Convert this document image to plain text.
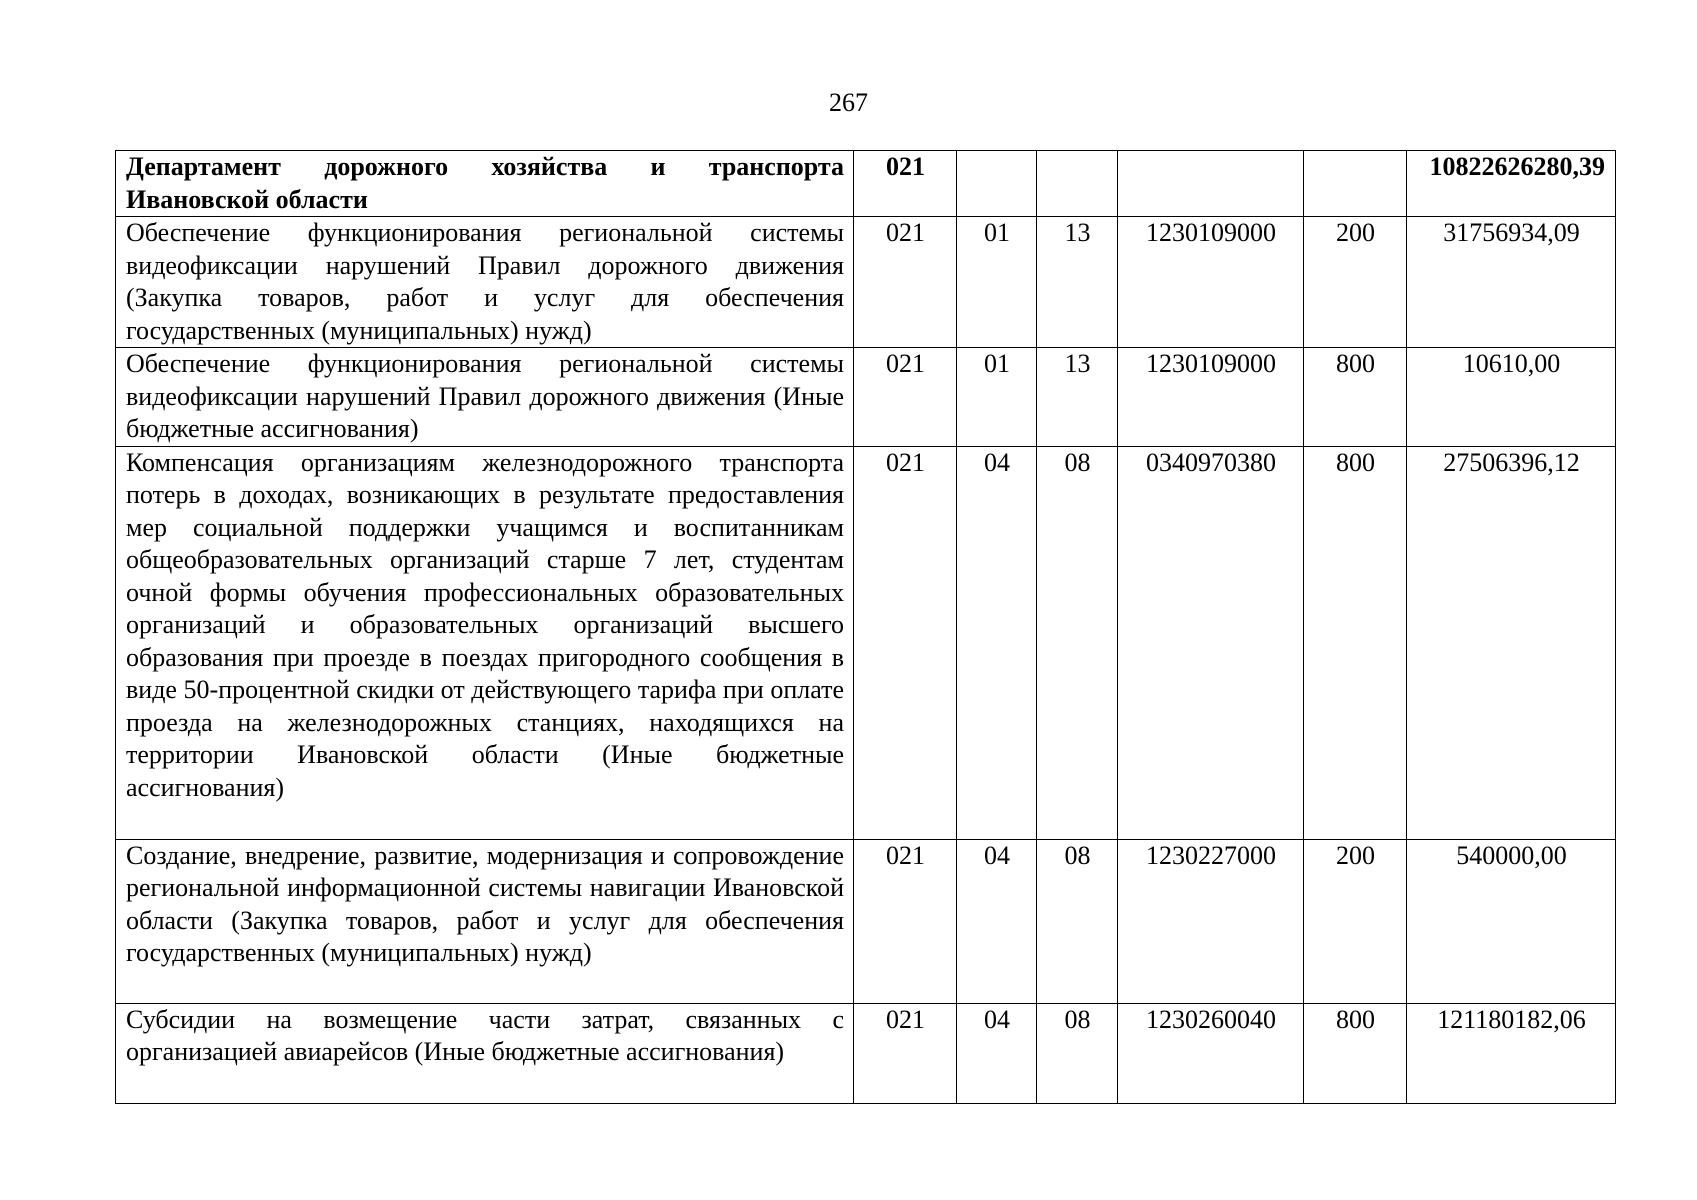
267
Департамент дорожного хозяйства и транспорта Ивановской области	021					10822626280,39
Обеспечение функционирования региональной системы видеофиксации нарушений Правил дорожного движения (Закупка товаров, работ и услуг для обеспечения государственных (муниципальных) нужд)	021	01	13	1230109000	200	31756934,09
Обеспечение функционирования региональной системы видеофиксации нарушений Правил дорожного движения (Иные бюджетные ассигнования)	021	01	13	1230109000	800	10610,00
Компенсация организациям железнодорожного транспорта потерь в доходах, возникающих в результате предоставления мер социальной поддержки учащимся и воспитанникам общеобразовательных организаций старше 7 лет, студентам очной формы обучения профессиональных образовательных организаций и образовательных организаций высшего образования при проезде в поездах пригородного сообщения в виде 50-процентной скидки от действующего тарифа при оплате проезда на железнодорожных станциях, находящихся на территории Ивановской области (Иные бюджетные ассигнования)	021	04	08	0340970380	800	27506396,12
Создание, внедрение, развитие, модернизация и сопровождение региональной информационной системы навигации Ивановской области (Закупка товаров, работ и услуг для обеспечения государственных (муниципальных) нужд)	021	04	08	1230227000	200	540000,00
Субсидии на возмещение части затрат, связанных с организацией авиарейсов (Иные бюджетные ассигнования)	021	04	08	1230260040	800	121180182,06
